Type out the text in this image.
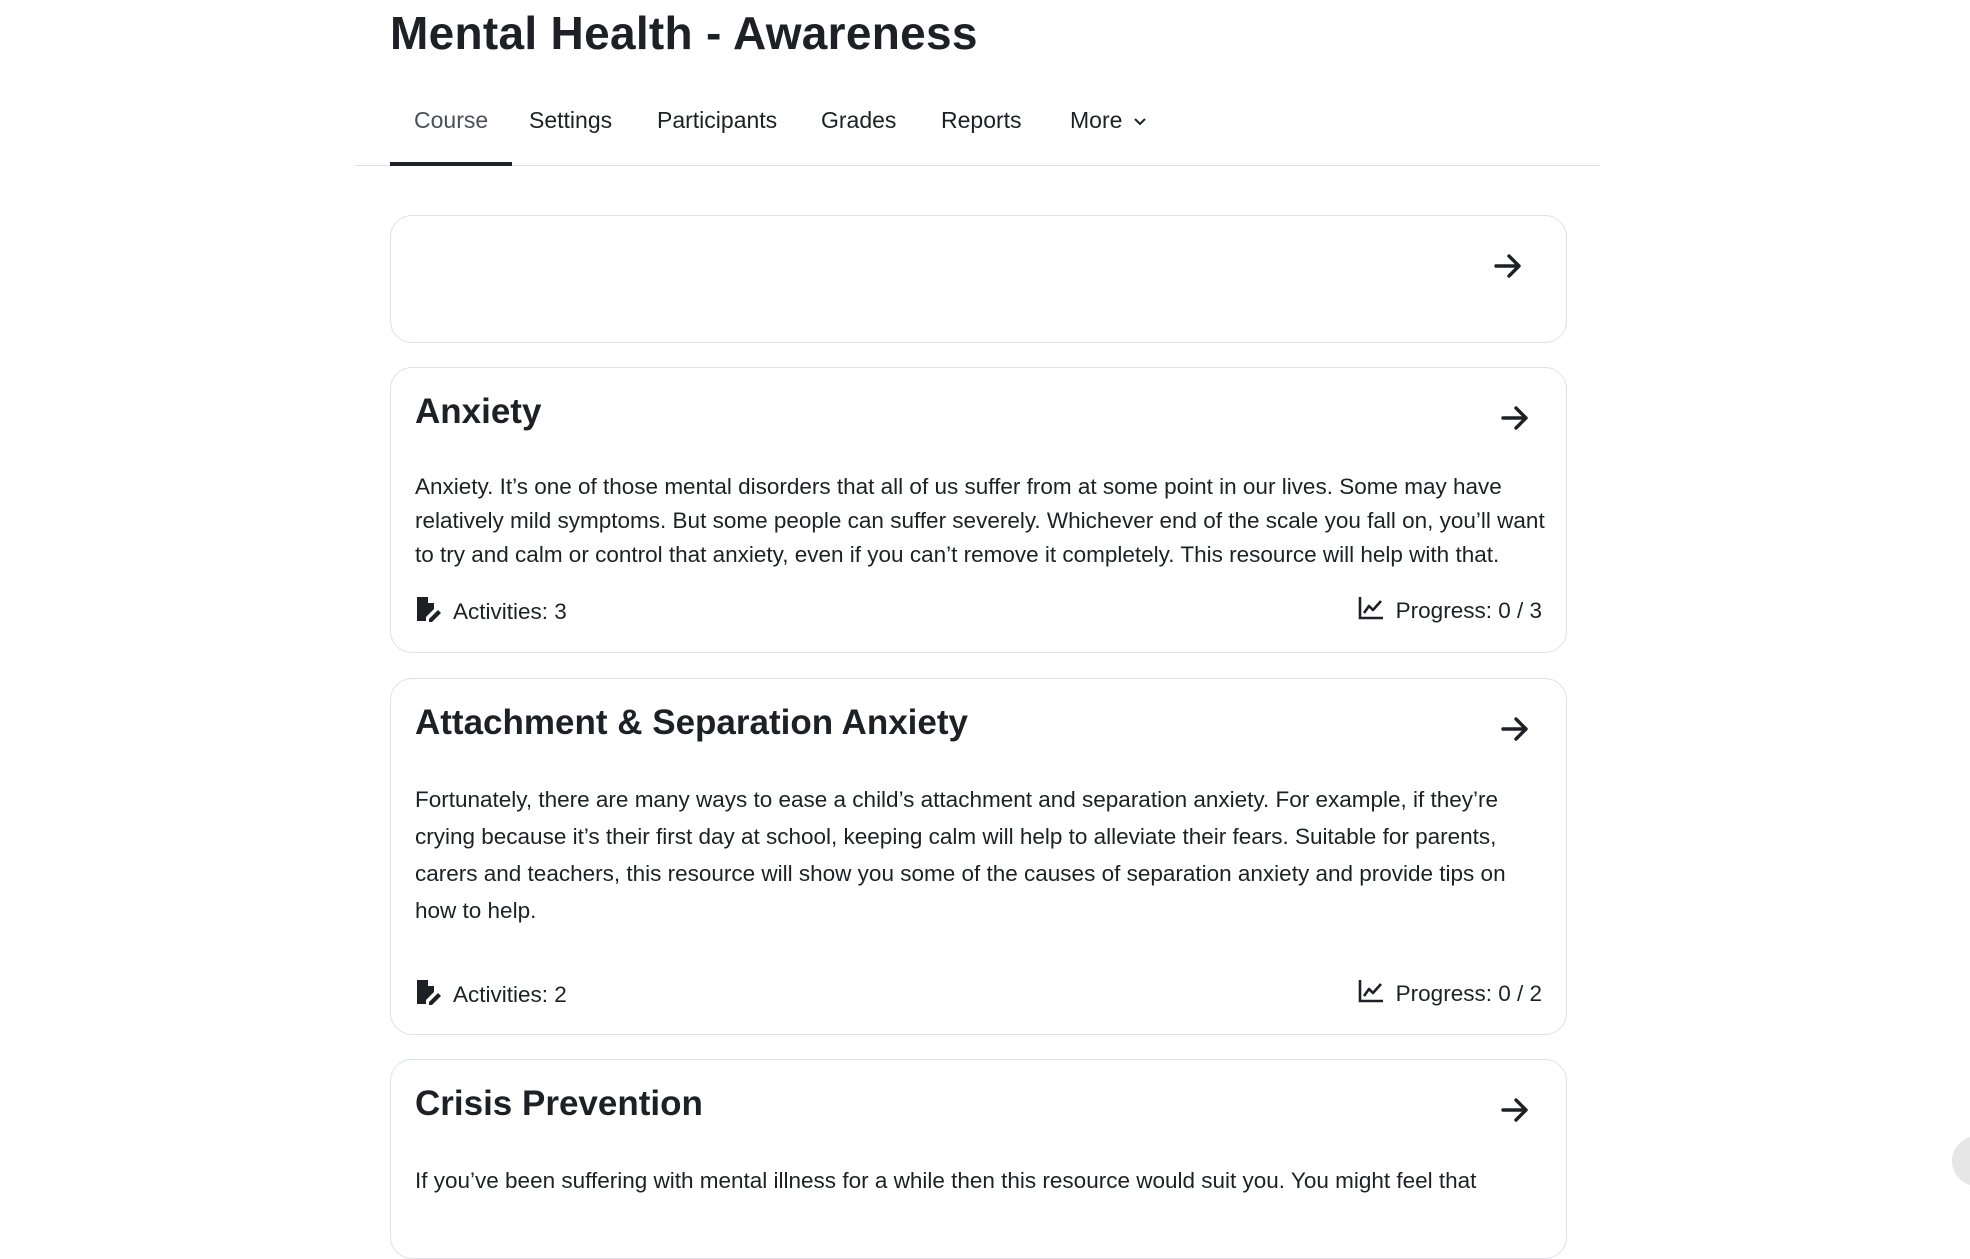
Mental Health - Awareness
Course	Settings	Participants	Grades	Reports	More

Anxiety

Anxiety. It’s one of those mental disorders that all of us suffer from at some point in our lives. Some may have relatively mild symptoms. But some people can suffer severely. Whichever end of the scale you fall on, you’ll want to try and calm or control that anxiety, even if you can’t remove it completely. This resource will help with that.

Activities: 3	Progress: 0 / 3
Attachment & Separation Anxiety

Fortunately, there are many ways to ease a child’s attachment and separation anxiety. For example, if they’re crying because it’s their first day at school, keeping calm will help to alleviate their fears. Suitable for parents, carers and teachers, this resource will show you some of the causes of separation anxiety and provide tips on how to help.

Activities: 2	Progress: 0 / 2
Crisis Prevention

If you’ve been suffering with mental illness for a while then this resource would suit you. You might feel that
